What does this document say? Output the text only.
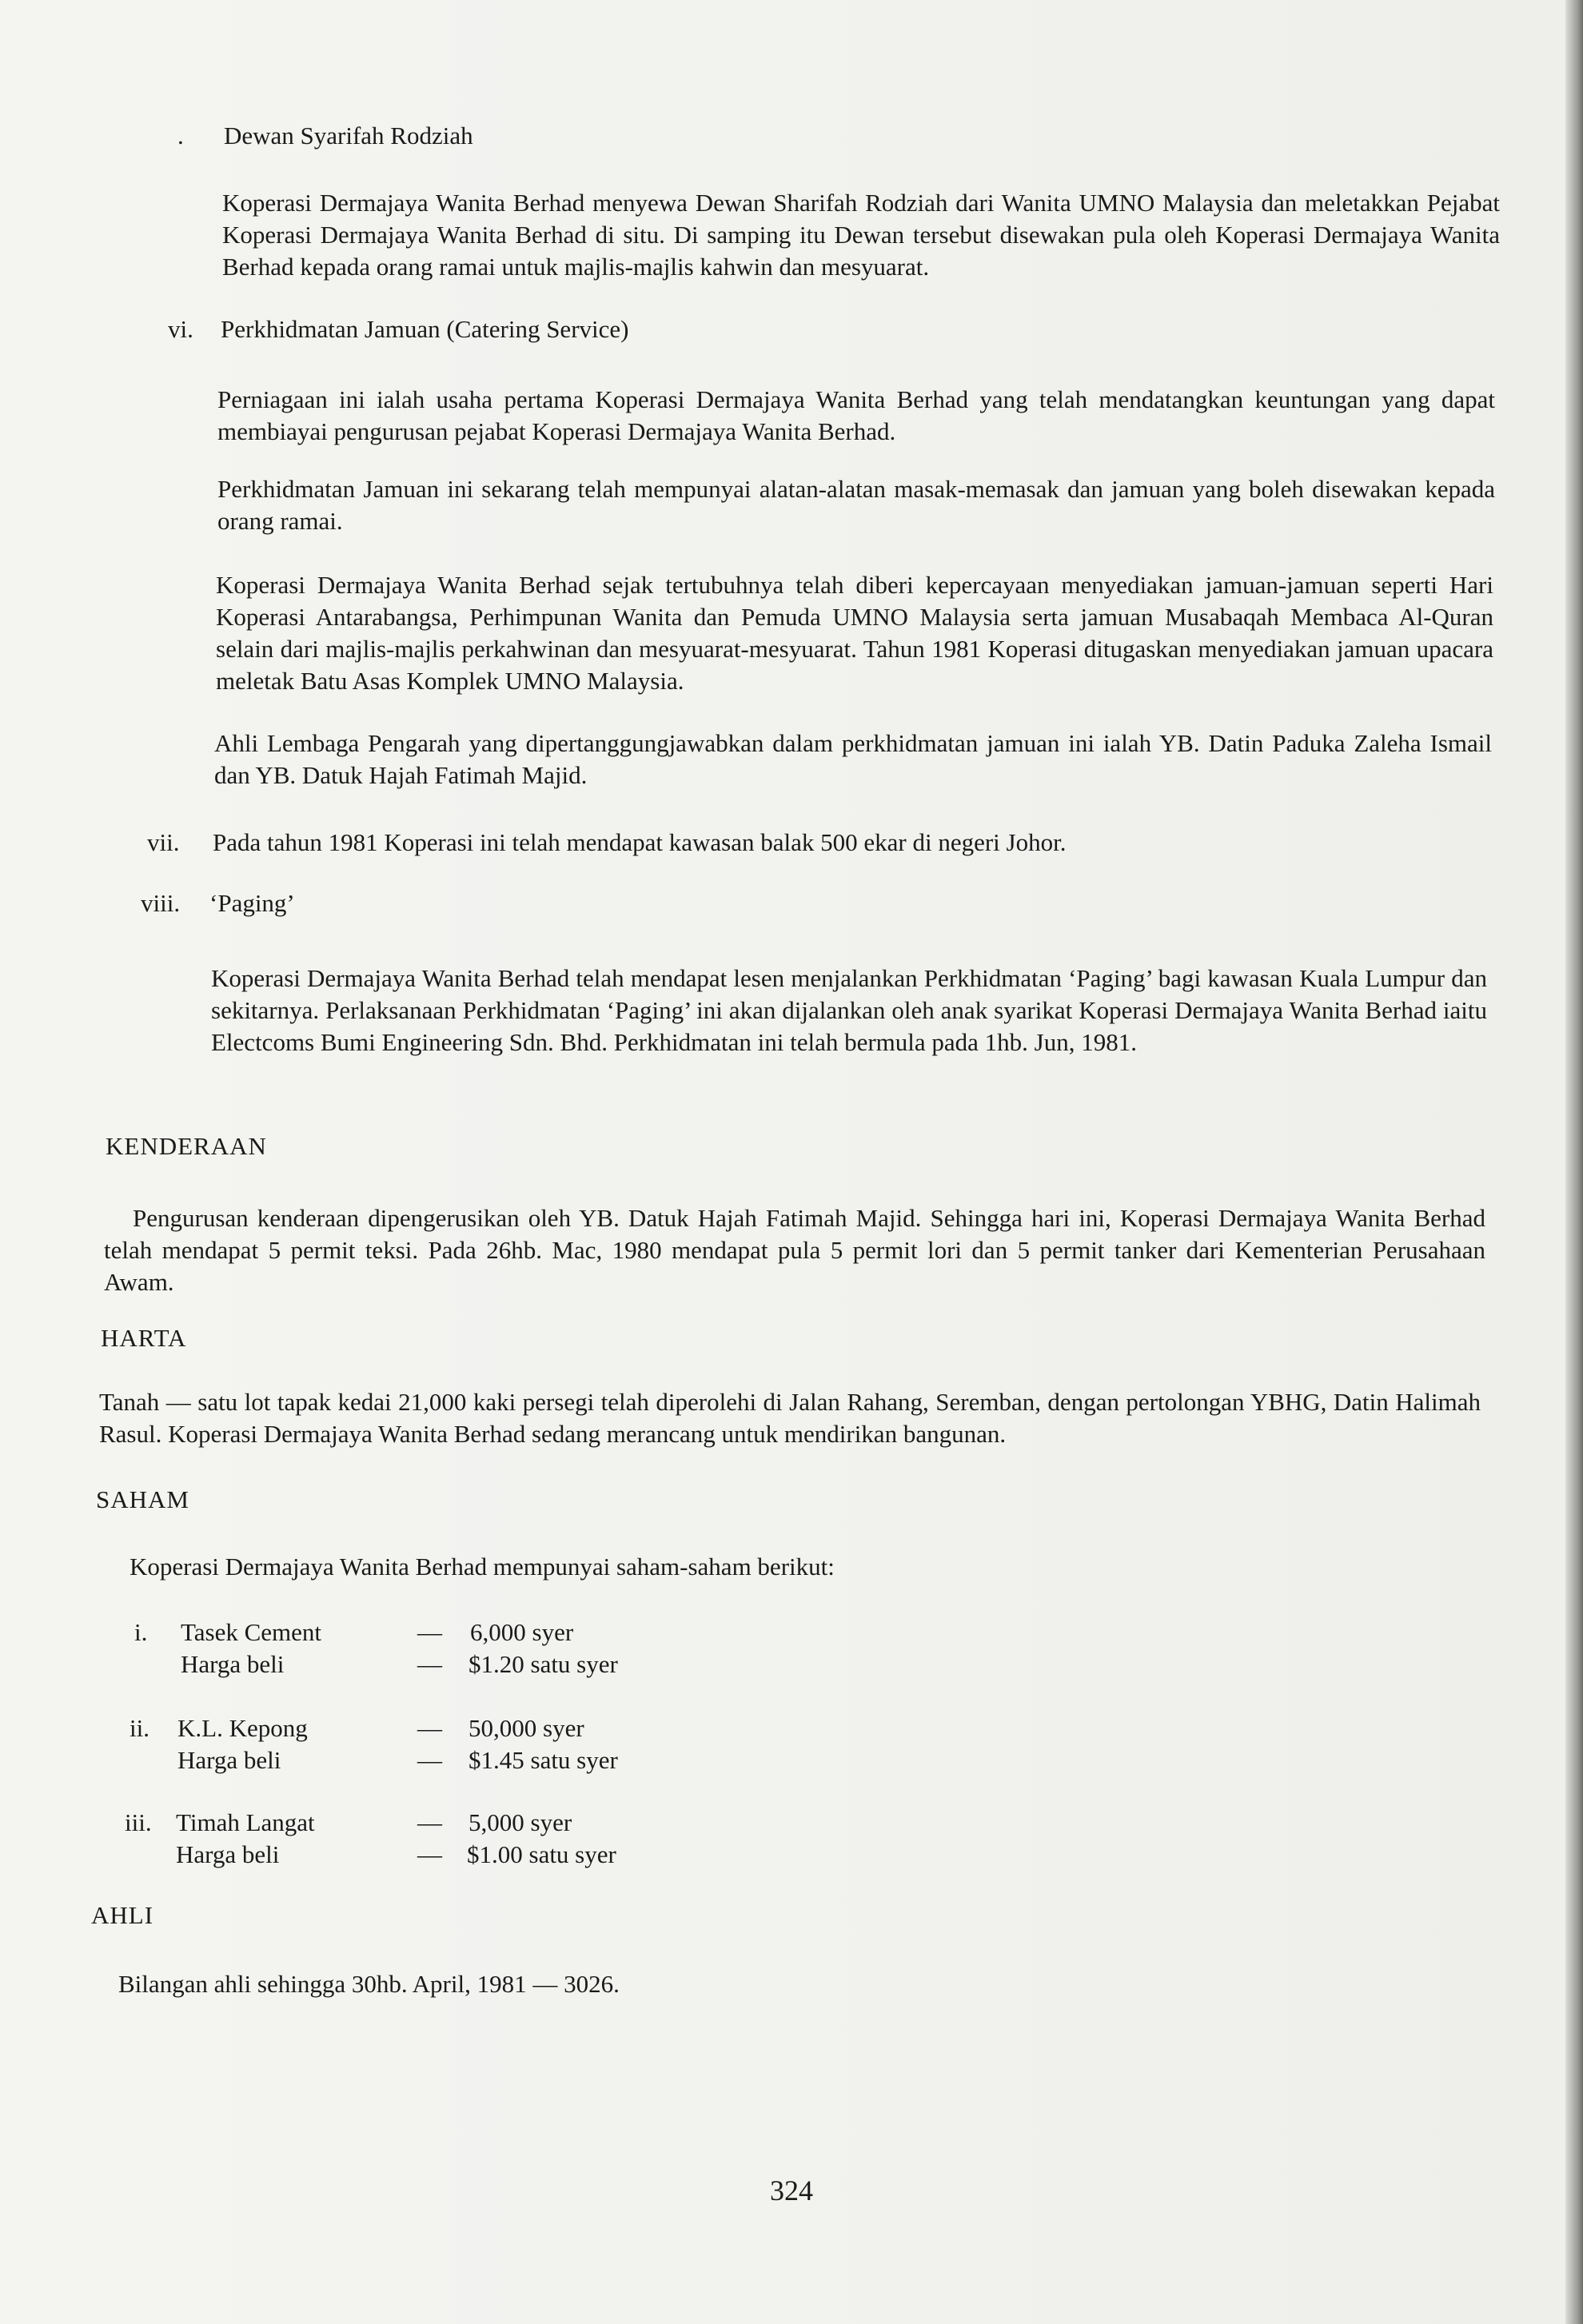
. Dewan Syarifah Rodziah
Koperasi Dermajaya Wanita Berhad menyewa Dewan Sharifah Rodziah dari Wanita UMNO Malaysia dan meletakkan Pejabat Koperasi Dermajaya Wanita Berhad di situ. Di samping itu Dewan tersebut disewakan pula oleh Koperasi Dermajaya Wanita Berhad kepada orang ramai untuk majlis-majlis kahwin dan mesyuarat.
vi. Perkhidmatan Jamuan (Catering Service)
Perniagaan ini ialah usaha pertama Koperasi Dermajaya Wanita Berhad yang telah mendatangkan keuntungan yang dapat membiayai pengurusan pejabat Koperasi Dermajaya Wanita Berhad.
Perkhidmatan Jamuan ini sekarang telah mempunyai alatan-alatan masak-memasak dan jamuan yang boleh disewakan kepada orang ramai.
Koperasi Dermajaya Wanita Berhad sejak tertubuhnya telah diberi kepercayaan menyediakan jamuan-jamuan seperti Hari Koperasi Antarabangsa, Perhimpunan Wanita dan Pemuda UMNO Malaysia serta jamuan Musabaqah Membaca Al-Quran selain dari majlis-majlis perkahwinan dan mesyuarat-mesyuarat. Tahun 1981 Koperasi ditugaskan menyediakan jamuan upacara meletak Batu Asas Komplek UMNO Malaysia.
Ahli Lembaga Pengarah yang dipertanggungjawabkan dalam perkhidmatan jamuan ini ialah YB. Datin Paduka Zaleha Ismail dan YB. Datuk Hajah Fatimah Majid.
vii. Pada tahun 1981 Koperasi ini telah mendapat kawasan balak 500 ekar di negeri Johor.
viii. ‘Paging’
Koperasi Dermajaya Wanita Berhad telah mendapat lesen menjalankan Perkhidmatan ‘Paging’ bagi kawasan Kuala Lumpur dan sekitarnya. Perlaksanaan Perkhidmatan ‘Paging’ ini akan dijalankan oleh anak syarikat Koperasi Dermajaya Wanita Berhad iaitu Electcoms Bumi Engineering Sdn. Bhd. Perkhidmatan ini telah bermula pada 1hb. Jun, 1981.
KENDERAAN
Pengurusan kenderaan dipengerusikan oleh YB. Datuk Hajah Fatimah Majid. Sehingga hari ini, Koperasi Dermajaya Wanita Berhad telah mendapat 5 permit teksi. Pada 26hb. Mac, 1980 mendapat pula 5 permit lori dan 5 permit tanker dari Kementerian Perusahaan Awam.
HARTA
Tanah — satu lot tapak kedai 21,000 kaki persegi telah diperolehi di Jalan Rahang, Seremban, dengan pertolongan YBHG, Datin Halimah Rasul. Koperasi Dermajaya Wanita Berhad sedang merancang untuk mendirikan bangunan.
SAHAM
Koperasi Dermajaya Wanita Berhad mempunyai saham-saham berikut:
i. Tasek Cement	— 6,000 syer
Harga beli	— $1.20 satu syer
ii. K.L. Kepong	— 50,000 syer
Harga beli	— $1.45 satu syer
iii. Timah Langat	— 5,000 syer
Harga beli	— $1.00 satu syer
AHLI
Bilangan ahli sehingga 30hb. April, 1981 — 3026.
324
